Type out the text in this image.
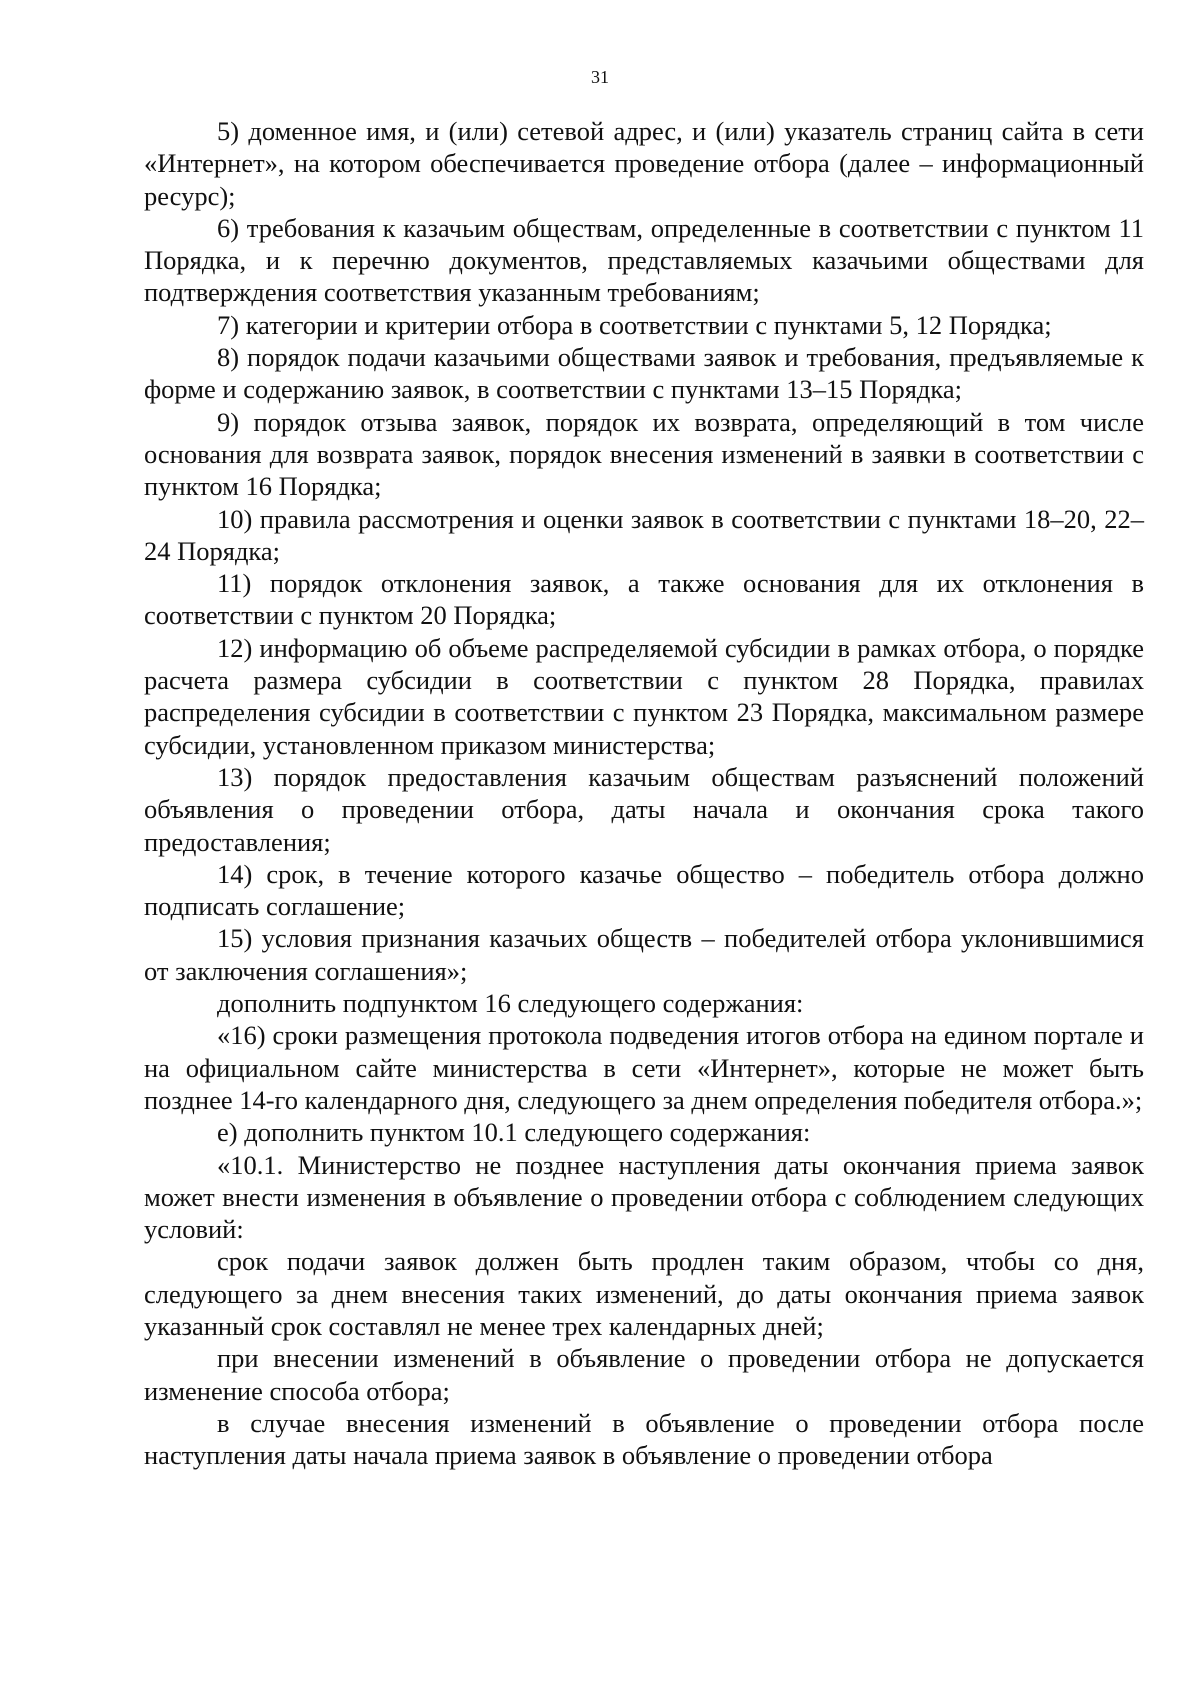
31

5) доменное имя, и (или) сетевой адрес, и (или) указатель страниц сайта в сети «Интернет», на котором обеспечивается проведение отбора (далее – информационный ресурс);

6) требования к казачьим обществам, определенные в соответствии с пунктом 11 Порядка, и к перечню документов, представляемых казачьими обществами для подтверждения соответствия указанным требованиям;

7) категории и критерии отбора в соответствии с пунктами 5, 12 Порядка;

8) порядок подачи казачьими обществами заявок и требования, предъявляемые к форме и содержанию заявок, в соответствии с пунктами 13–15 Порядка;

9) порядок отзыва заявок, порядок их возврата, определяющий в том числе основания для возврата заявок, порядок внесения изменений в заявки в соответствии с пунктом 16 Порядка;

10) правила рассмотрения и оценки заявок в соответствии с пунктами 18–20, 22–24 Порядка;

11) порядок отклонения заявок, а также основания для их отклонения в соответствии с пунктом 20 Порядка;

12) информацию об объеме распределяемой субсидии в рамках отбора, о порядке расчета размера субсидии в соответствии с пунктом 28 Порядка, правилах распределения субсидии в соответствии с пунктом 23 Порядка, максимальном размере субсидии, установленном приказом министерства;

13) порядок предоставления казачьим обществам разъяснений положений объявления о проведении отбора, даты начала и окончания срока такого предоставления;

14) срок, в течение которого казачье общество – победитель отбора должно подписать соглашение;

15) условия признания казачьих обществ – победителей отбора уклонившимися от заключения соглашения»;

дополнить подпунктом 16 следующего содержания:

«16) сроки размещения протокола подведения итогов отбора на едином портале и на официальном сайте министерства в сети «Интернет», которые не может быть позднее 14-го календарного дня, следующего за днем определения победителя отбора.»;

е) дополнить пунктом 10.1 следующего содержания:

«10.1. Министерство не позднее наступления даты окончания приема заявок может внести изменения в объявление о проведении отбора с соблюдением следующих условий:

срок подачи заявок должен быть продлен таким образом, чтобы со дня, следующего за днем внесения таких изменений, до даты окончания приема заявок указанный срок составлял не менее трех календарных дней;

при внесении изменений в объявление о проведении отбора не допускается изменение способа отбора;

в случае внесения изменений в объявление о проведении отбора после наступления даты начала приема заявок в объявление о проведении отбора
